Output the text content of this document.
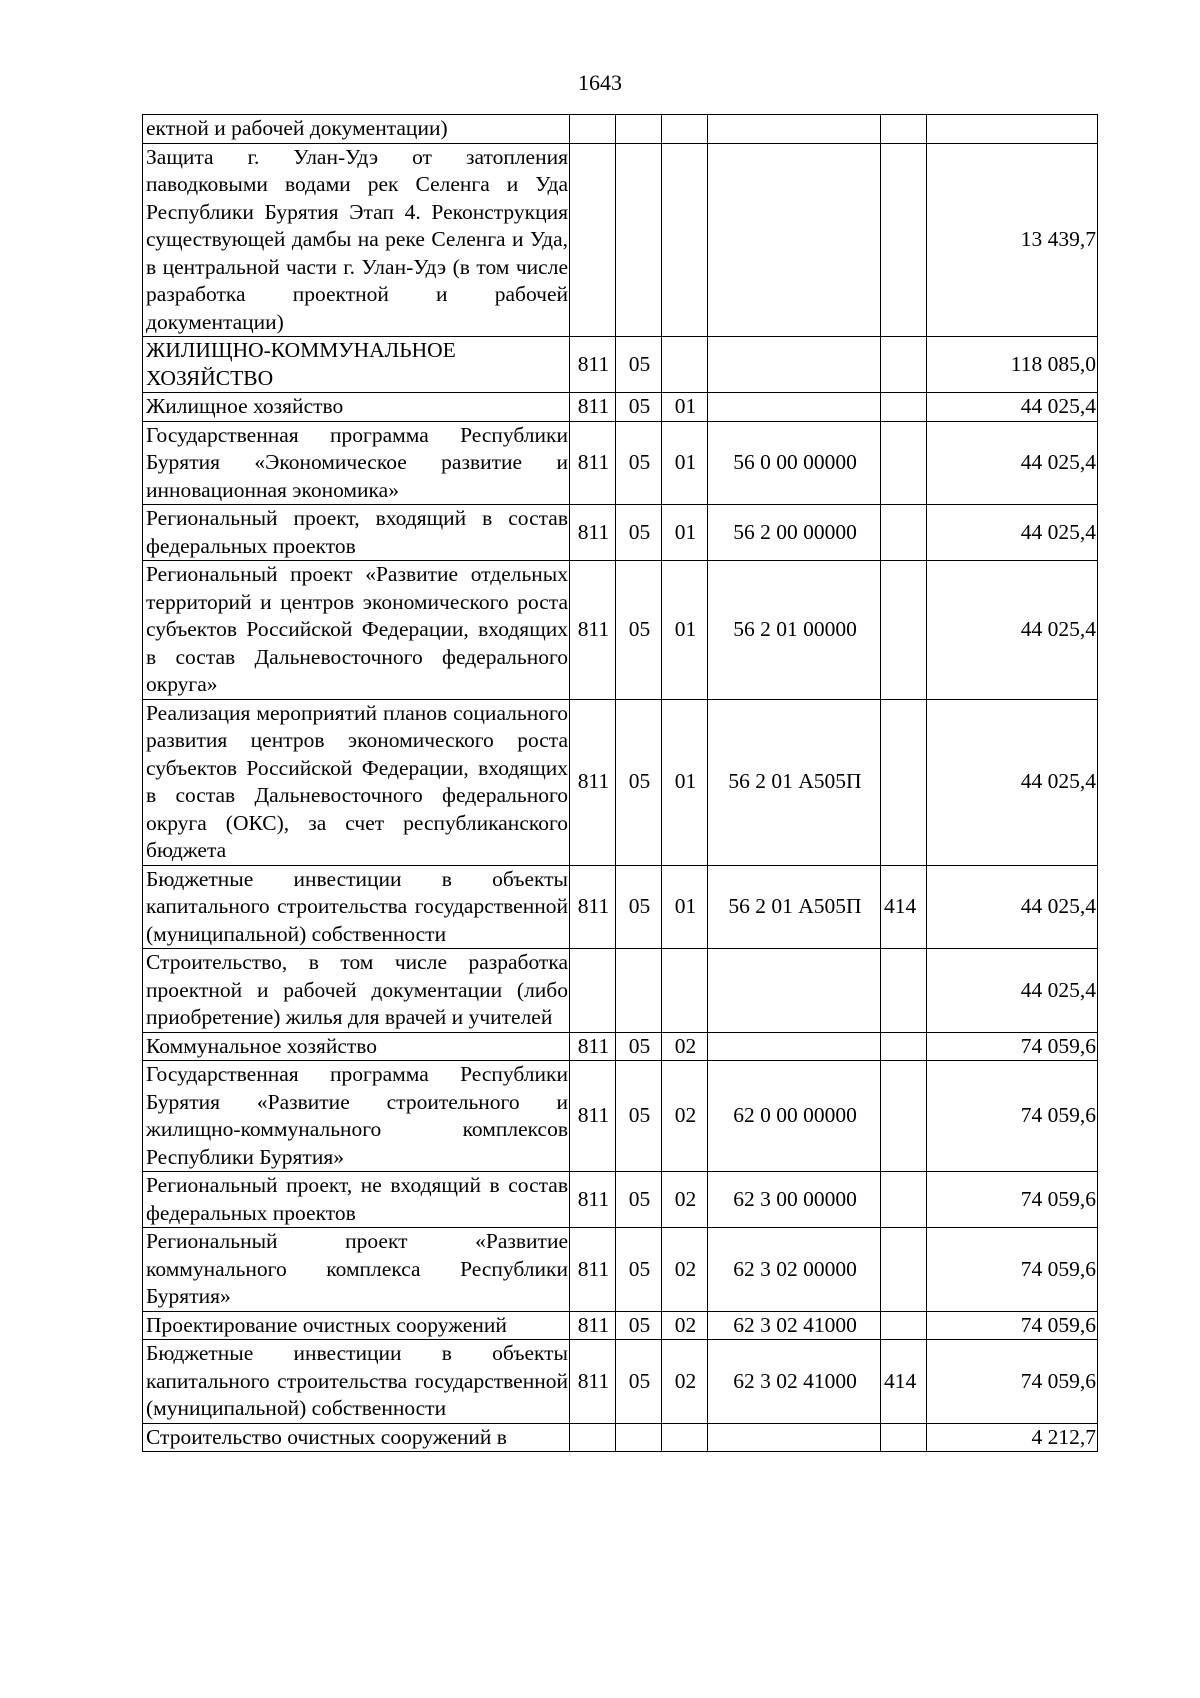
1643
ектной и рабочей документации)						
Защита г. Улан-Удэ от затопления паводковыми водами рек Селенга и Уда Республики Бурятия Этап 4. Реконструкция существующей дамбы на реке Селенга и Уда, в центральной части г. Улан-Удэ (в том числе разработка проектной и рабочей документации)						13 439,7
ЖИЛИЩНО-КОММУНАЛЬНОЕ ХОЗЯЙСТВО	811	05				118 085,0
Жилищное хозяйство	811	05	01			44 025,4
Государственная программа Республики Бурятия «Экономическое развитие и инновационная экономика»	811	05	01	56 0 00 00000		44 025,4
Региональный проект, входящий в состав федеральных проектов	811	05	01	56 2 00 00000		44 025,4
Региональный проект «Развитие отдельных территорий и центров экономического роста субъектов Российской Федерации, входящих в состав Дальневосточного федерального округа»	811	05	01	56 2 01 00000		44 025,4
Реализация мероприятий планов социального развития центров экономического роста субъектов Российской Федерации, входящих в состав Дальневосточного федерального округа (ОКС), за счет республиканского бюджета	811	05	01	56 2 01 А505П		44 025,4
Бюджетные инвестиции в объекты капитального строительства государственной (муниципальной) собственности	811	05	01	56 2 01 А505П	414	44 025,4
Строительство, в том числе разработка проектной и рабочей документации (либо приобретение) жилья для врачей и учителей						44 025,4
Коммунальное хозяйство	811	05	02			74 059,6
Государственная программа Республики Бурятия «Развитие строительного и жилищно-коммунального комплексов Республики Бурятия»	811	05	02	62 0 00 00000		74 059,6
Региональный проект, не входящий в состав федеральных проектов	811	05	02	62 3 00 00000		74 059,6
Региональный проект «Развитие коммунального комплекса Республики Бурятия»	811	05	02	62 3 02 00000		74 059,6
Проектирование очистных сооружений	811	05	02	62 3 02 41000		74 059,6
Бюджетные инвестиции в объекты капитального строительства государственной (муниципальной) собственности	811	05	02	62 3 02 41000	414	74 059,6
Строительство очистных сооружений в						4 212,7
